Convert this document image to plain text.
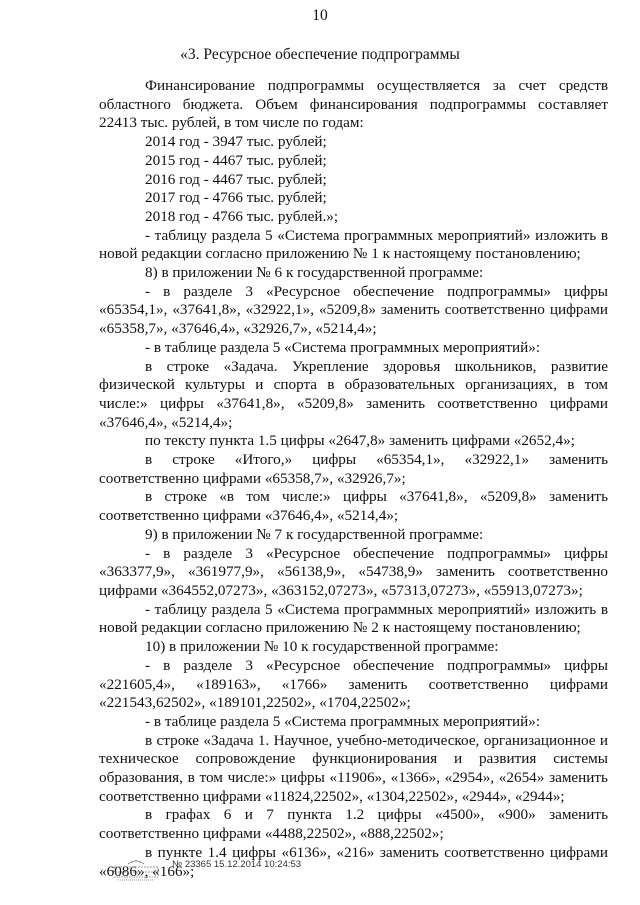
10
«3. Ресурсное обеспечение подпрограммы

Финансирование подпрограммы осуществляется за счет средств областного бюджета. Объем финансирования подпрограммы составляет 22413 тыс. рублей, в том числе по годам:

2014 год - 3947 тыс. рублей;

2015 год - 4467 тыс. рублей;

2016 год - 4467 тыс. рублей;

2017 год - 4766 тыс. рублей;

2018 год - 4766 тыс. рублей.»;

- таблицу раздела 5 «Система программных мероприятий» изложить в новой редакции согласно приложению № 1 к настоящему постановлению;

8) в приложении № 6 к государственной программе:

- в разделе 3 «Ресурсное обеспечение подпрограммы» цифры «65354,1», «37641,8», «32922,1», «5209,8» заменить соответственно цифрами «65358,7», «37646,4», «32926,7», «5214,4»;

- в таблице раздела 5 «Система программных мероприятий»:

в строке «Задача. Укрепление здоровья школьников, развитие физической культуры и спорта в образовательных организациях, в том числе:» цифры «37641,8», «5209,8» заменить соответственно цифрами «37646,4», «5214,4»;

по тексту пункта 1.5 цифры «2647,8» заменить цифрами «2652,4»;

в строке «Итого,» цифры «65354,1», «32922,1» заменить соответственно цифрами «65358,7», «32926,7»;

в строке «в том числе:» цифры «37641,8», «5209,8» заменить соответственно цифрами «37646,4», «5214,4»;

9) в приложении № 7 к государственной программе:

- в разделе 3 «Ресурсное обеспечение подпрограммы» цифры «363377,9», «361977,9», «56138,9», «54738,9» заменить соответственно цифрами «364552,07273», «363152,07273», «57313,07273», «55913,07273»;

- таблицу раздела 5 «Система программных мероприятий» изложить в новой редакции согласно приложению № 2 к настоящему постановлению;

10) в приложении № 10 к государственной программе:

- в разделе 3 «Ресурсное обеспечение подпрограммы» цифры «221605,4», «189163», «1766» заменить соответственно цифрами «221543,62502», «189101,22502», «1704,22502»;

- в таблице раздела 5 «Система программных мероприятий»:

в строке «Задача 1. Научное, учебно-методическое, организационное и техническое сопровождение функционирования и развития системы образования, в том числе:» цифры «11906», «1366», «2954», «2654» заменить соответственно цифрами «11824,22502», «1304,22502», «2944», «2944»;

в графах 6 и 7 пункта 1.2 цифры «4500», «900» заменить соответственно цифрами «4488,22502», «888,22502»;

в пункте 1.4 цифры «6136», «216» заменить соответственно цифрами «6086», «166»;

№ 23365 15.12.2014 10:24:53
